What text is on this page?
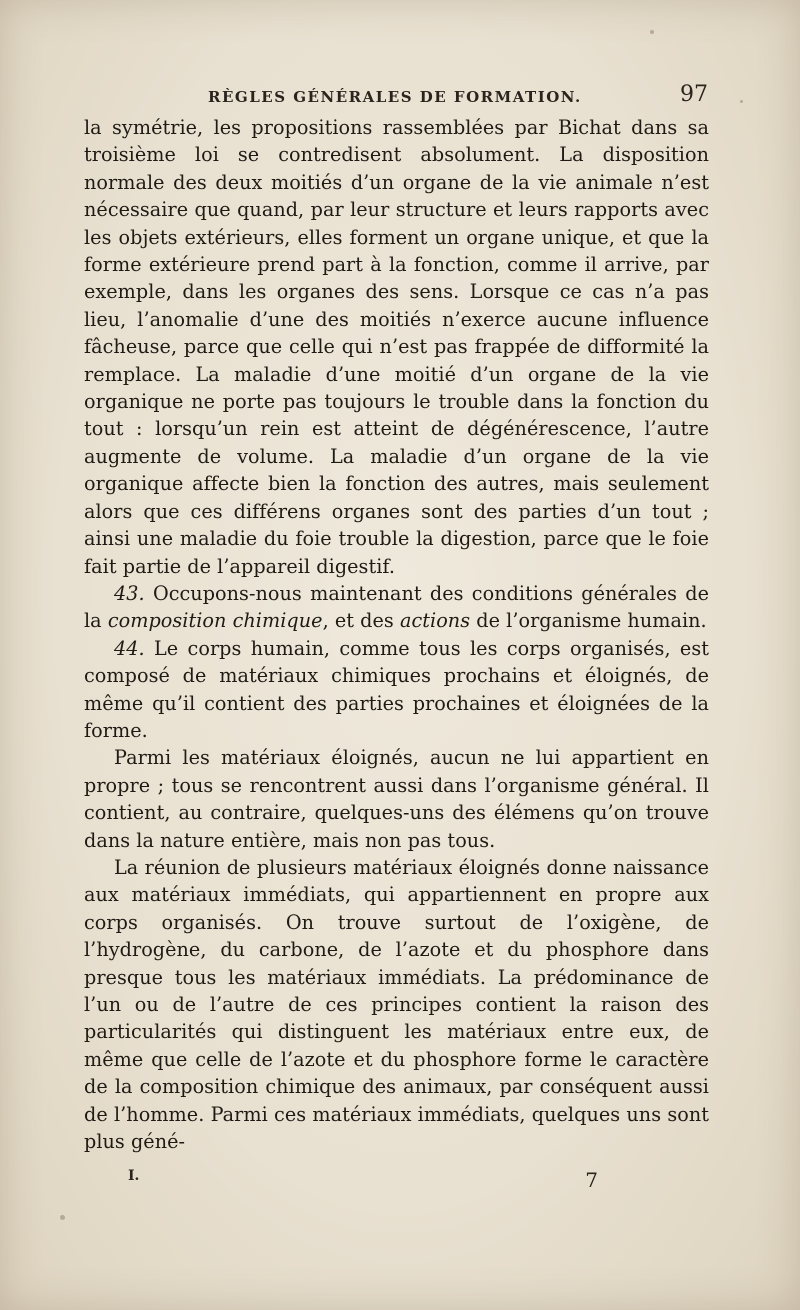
RÈGLES GÉNÉRALES DE FORMATION.	97

la symétrie, les propositions rassemblées par Bichat dans sa troisième loi se contredisent absolument. La disposition normale des deux moitiés d’un organe de la vie animale n’est nécessaire que quand, par leur structure et leurs rapports avec les objets extérieurs, elles forment un organe unique, et que la forme extérieure prend part à la fonction, comme il arrive, par exemple, dans les organes des sens. Lorsque ce cas n’a pas lieu, l’anomalie d’une des moitiés n’exerce aucune influence fâcheuse, parce que celle qui n’est pas frappée de difformité la remplace. La maladie d’une moitié d’un organe de la vie organique ne porte pas toujours le trouble dans la fonction du tout : lorsqu’un rein est atteint de dégénérescence, l’autre augmente de volume. La maladie d’un organe de la vie organique affecte bien la fonction des autres, mais seulement alors que ces différens organes sont des parties d’un tout ; ainsi une maladie du foie trouble la digestion, parce que le foie fait partie de l’appareil digestif.

43. Occupons-nous maintenant des conditions générales de la composition chimique, et des actions de l’organisme humain.

44. Le corps humain, comme tous les corps organisés, est composé de matériaux chimiques prochains et éloignés, de même qu’il contient des parties prochaines et éloignées de la forme.

Parmi les matériaux éloignés, aucun ne lui appartient en propre ; tous se rencontrent aussi dans l’organisme général. Il contient, au contraire, quelques-uns des élémens qu’on trouve dans la nature entière, mais non pas tous.

La réunion de plusieurs matériaux éloignés donne naissance aux matériaux immédiats, qui appartiennent en propre aux corps organisés. On trouve surtout de l’oxigène, de l’hydrogène, du carbone, de l’azote et du phosphore dans presque tous les matériaux immédiats. La prédominance de l’un ou de l’autre de ces principes contient la raison des particularités qui distinguent les matériaux entre eux, de même que celle de l’azote et du phosphore forme le caractère de la composition chimique des animaux, par conséquent aussi de l’homme. Parmi ces matériaux immédiats, quelques uns sont plus géné-

I.	7
